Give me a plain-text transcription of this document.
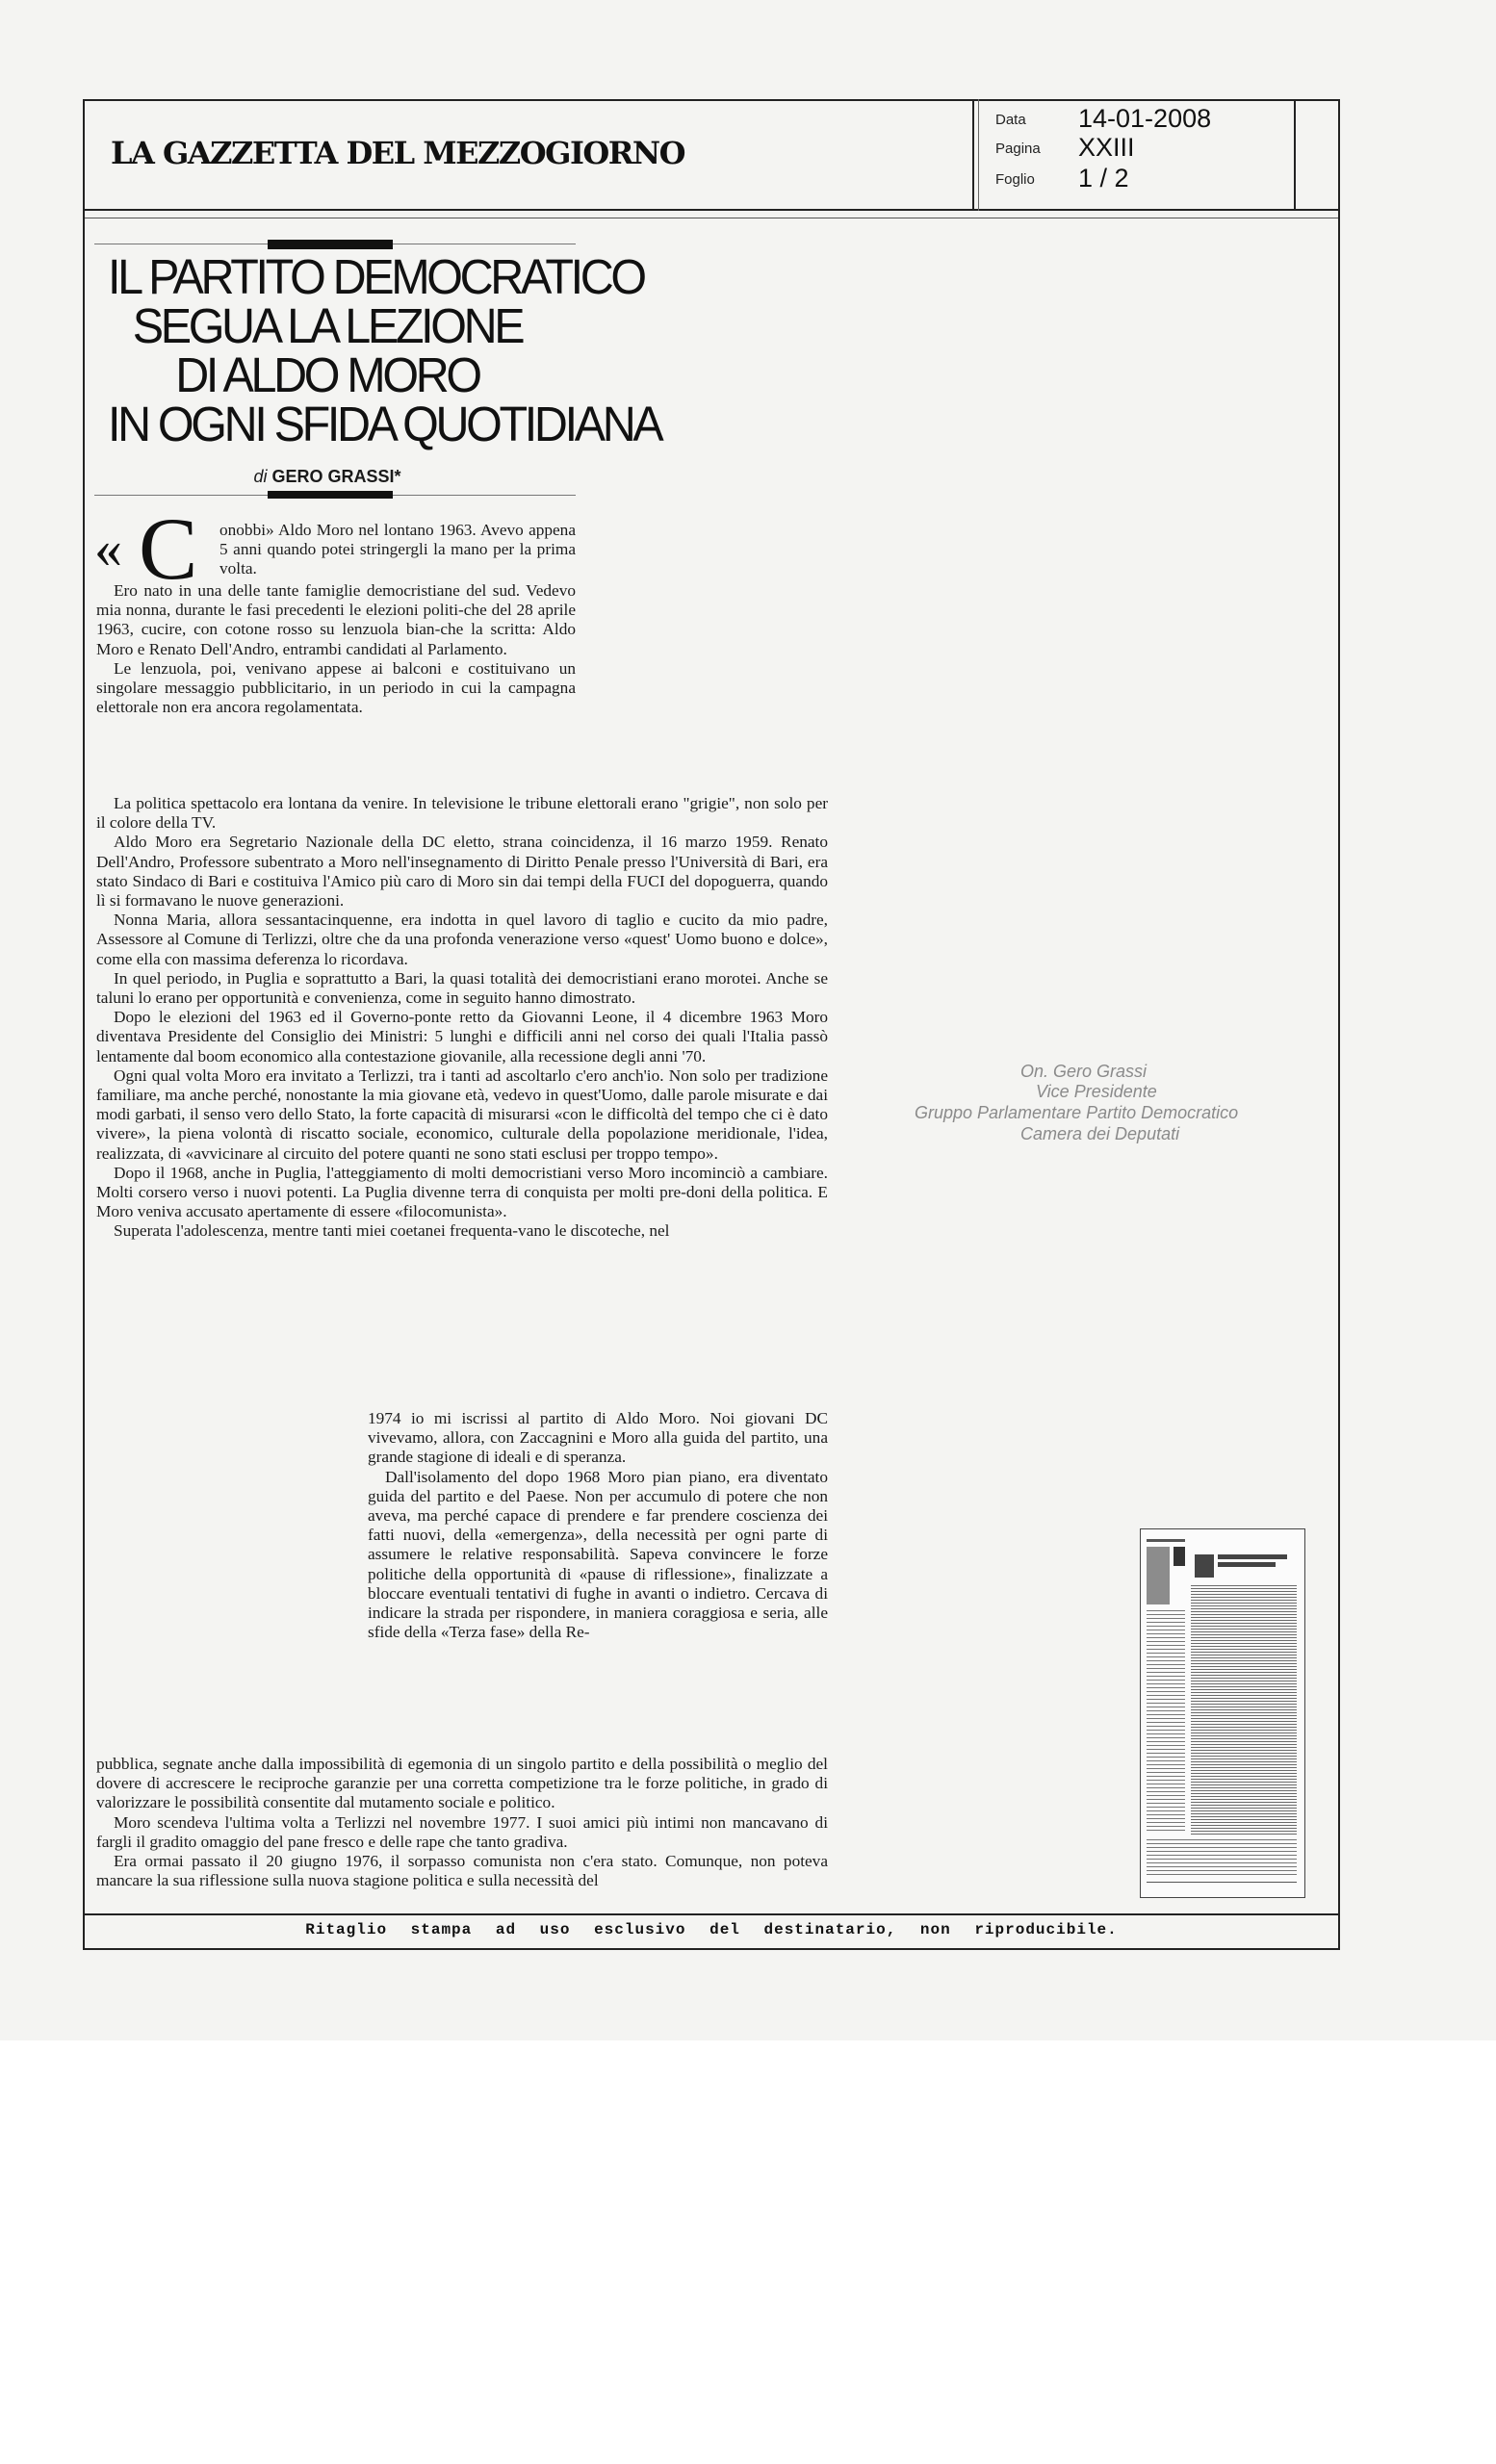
LA GAZZETTA DEL MEZZOGIORNO
Data 14-01-2008
Pagina XXIII
Foglio 1 / 2
IL PARTITO DEMOCRATICO
SEGUA LA LEZIONE
DI ALDO MORO
IN OGNI SFIDA QUOTIDIANA
di GERO GRASSI*
« C onobbi» Aldo Moro nel lontano 1963. Avevo appena 5 anni quando potei stringergli la mano per la prima volta.

Ero nato in una delle tante famiglie democristiane del sud. Vedevo mia nonna, durante le fasi precedenti le elezioni politi-che del 28 aprile 1963, cucire, con cotone rosso su lenzuola bian-che la scritta: Aldo Moro e Renato Dell'Andro, entrambi candidati al Parlamento.

Le lenzuola, poi, venivano appese ai balconi e costituivano un singolare messaggio pubblicitario, in un periodo in cui la campagna elettorale non era ancora regolamentata.

La politica spettacolo era lontana da venire. In televisione le tribune elettorali erano "grigie", non solo per il colore della TV.

Aldo Moro era Segretario Nazionale della DC eletto, strana coincidenza, il 16 marzo 1959. Renato Dell'Andro, Professore subentrato a Moro nell'insegnamento di Diritto Penale presso l'Università di Bari, era stato Sindaco di Bari e costituiva l'Amico più caro di Moro sin dai tempi della FUCI del dopoguerra, quando lì si formavano le nuove generazioni.

Nonna Maria, allora sessantacinquenne, era indotta in quel lavoro di taglio e cucito da mio padre, Assessore al Comune di Terlizzi, oltre che da una profonda venerazione verso «quest' Uomo buono e dolce», come ella con massima deferenza lo ricordava.

In quel periodo, in Puglia e soprattutto a Bari, la quasi totalità dei democristiani erano morotei. Anche se taluni lo erano per opportunità e convenienza, come in seguito hanno dimostrato.

Dopo le elezioni del 1963 ed il Governo-ponte retto da Giovanni Leone, il 4 dicembre 1963 Moro diventava Presidente del Consiglio dei Ministri: 5 lunghi e difficili anni nel corso dei quali l'Italia passò lentamente dal boom economico alla contestazione giovanile, alla recessione degli anni '70.

Ogni qual volta Moro era invitato a Terlizzi, tra i tanti ad ascoltarlo c'ero anch'io. Non solo per tradizione familiare, ma anche perché, nonostante la mia giovane età, vedevo in quest'Uomo, dalle parole misurate e dai modi garbati, il senso vero dello Stato, la forte capacità di misurarsi «con le difficoltà del tempo che ci è dato vivere», la piena volontà di riscatto sociale, economico, culturale della popolazione meridionale, l'idea, realizzata, di «avvicinare al circuito del potere quanti ne sono stati esclusi per troppo tempo».

Dopo il 1968, anche in Puglia, l'atteggiamento di molti democristiani verso Moro incominciò a cambiare. Molti corsero verso i nuovi potenti. La Puglia divenne terra di conquista per molti pre-doni della politica. E Moro veniva accusato apertamente di essere «filocomunista».

Superata l'adolescenza, mentre tanti miei coetanei frequenta-vano le discoteche, nel

1974 io mi iscrissi al partito di Aldo Moro. Noi giovani DC vivevamo, allora, con Zaccagnini e Moro alla guida del partito, una grande stagione di ideali e di speranza.

Dall'isolamento del dopo 1968 Moro pian piano, era diventato guida del partito e del Paese. Non per accumulo di potere che non aveva, ma perché capace di prendere e far prendere coscienza dei fatti nuovi, della «emergenza», della necessità per ogni parte di assumere le relative responsabilità. Sapeva convincere le forze politiche della opportunità di «pause di riflessione», finalizzate a bloccare eventuali tentativi di fughe in avanti o indietro. Cercava di indicare la strada per rispondere, in maniera coraggiosa e seria, alle sfide della «Terza fase» della Re-

pubblica, segnate anche dalla impossibilità di egemonia di un singolo partito e della possibilità o meglio del dovere di accrescere le reciproche garanzie per una corretta competizione tra le forze politiche, in grado di valorizzare le possibilità consentite dal mutamento sociale e politico.

Moro scendeva l'ultima volta a Terlizzi nel novembre 1977. I suoi amici più intimi non mancavano di fargli il gradito omaggio del pane fresco e delle rape che tanto gradiva.

Era ormai passato il 20 giugno 1976, il sorpasso comunista non c'era stato. Comunque, non poteva mancare la sua riflessione sulla nuova stagione politica e sulla necessità del

On. Gero Grassi
Vice Presidente
Gruppo Parlamentare Partito Democratico
Camera dei Deputati
Ritaglio stampa ad uso esclusivo del destinatario, non riproducibile.
